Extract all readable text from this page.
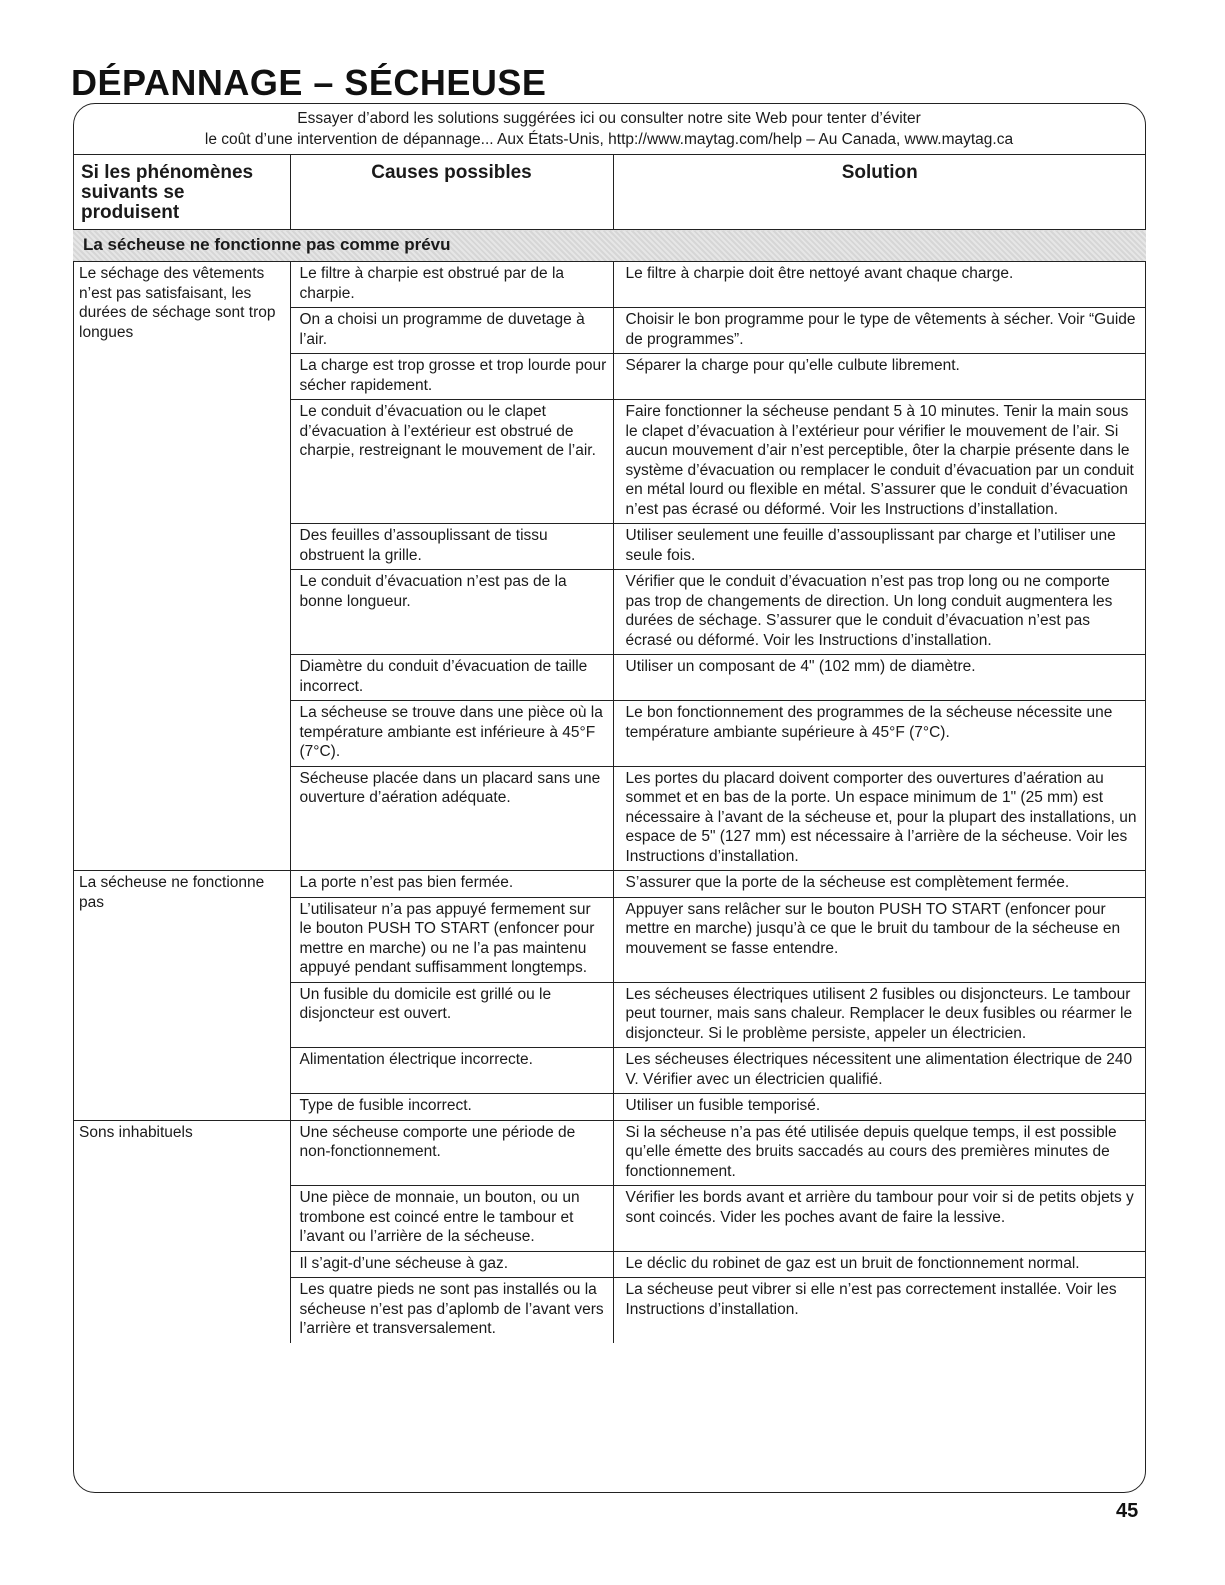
DÉPANNAGE – SÉCHEUSE
Essayer d’abord les solutions suggérées ici ou consulter notre site Web pour tenter d’éviter
le coût d’une intervention de dépannage... Aux États-Unis, http://www.maytag.com/help – Au Canada, www.maytag.ca
Si les phénomènes suivants se produisent	Causes possibles	Solution
La sécheuse ne fonctionne pas comme prévu		
Le séchage des vêtements n’est pas satisfaisant, les durées de séchage sont trop longues	Le filtre à charpie est obstrué par de la charpie.	Le filtre à charpie doit être nettoyé avant chaque charge.
	On a choisi un programme de duvetage à l’air.	Choisir le bon programme pour le type de vêtements à sécher. Voir “Guide de programmes”.
	La charge est trop grosse et trop lourde pour sécher rapidement.	Séparer la charge pour qu’elle culbute librement.
	Le conduit d’évacuation ou le clapet d’évacuation à l’extérieur est obstrué de charpie, restreignant le mouvement de l’air.	Faire fonctionner la sécheuse pendant 5 à 10 minutes. Tenir la main sous le clapet d’évacuation à l’extérieur pour vérifier le mouvement de l’air. Si aucun mouvement d’air n’est perceptible, ôter la charpie présente dans le système d’évacuation ou remplacer le conduit d’évacuation par un conduit en métal lourd ou flexible en métal. S’assurer que le conduit d’évacuation n’est pas écrasé ou déformé. Voir les Instructions d’installation.
	Des feuilles d’assouplissant de tissu obstruent la grille.	Utiliser seulement une feuille d’assouplissant par charge et l’utiliser une seule fois.
	Le conduit d’évacuation n’est pas de la bonne longueur.	Vérifier que le conduit d’évacuation n’est pas trop long ou ne comporte pas trop de changements de direction. Un long conduit augmentera les durées de séchage. S’assurer que le conduit d’évacuation n’est pas écrasé ou déformé. Voir les Instructions d’installation.
	Diamètre du conduit d’évacuation de taille incorrect.	Utiliser un composant de 4" (102 mm) de diamètre.
	La sécheuse se trouve dans une pièce où la température ambiante est inférieure à 45°F (7°C).	Le bon fonctionnement des programmes de la sécheuse nécessite une température ambiante supérieure à 45°F (7°C).
	Sécheuse placée dans un placard sans une ouverture d’aération adéquate.	Les portes du placard doivent comporter des ouvertures d’aération au sommet et en bas de la porte. Un espace minimum de 1" (25 mm) est nécessaire à l’avant de la sécheuse et, pour la plupart des installations, un espace de 5" (127 mm) est nécessaire à l’arrière de la sécheuse. Voir les Instructions d’installation.
La sécheuse ne fonctionne pas	La porte n’est pas bien fermée.	S’assurer que la porte de la sécheuse est complètement fermée.
	L’utilisateur n’a pas appuyé fermement sur le bouton PUSH TO START (enfoncer pour mettre en marche) ou ne l’a pas maintenu appuyé pendant suffisamment longtemps.	Appuyer sans relâcher sur le bouton PUSH TO START (enfoncer pour mettre en marche) jusqu’à ce que le bruit du tambour de la sécheuse en mouvement se fasse entendre.
	Un fusible du domicile est grillé ou le disjoncteur est ouvert.	Les sécheuses électriques utilisent 2 fusibles ou disjoncteurs. Le tambour peut tourner, mais sans chaleur. Remplacer le deux fusibles ou réarmer le disjoncteur. Si le problème persiste, appeler un électricien.
	Alimentation électrique incorrecte.	Les sécheuses électriques nécessitent une alimentation électrique de 240 V. Vérifier avec un électricien qualifié.
	Type de fusible incorrect.	Utiliser un fusible temporisé.
Sons inhabituels	Une sécheuse comporte une période de non-fonctionnement.	Si la sécheuse n’a pas été utilisée depuis quelque temps, il est possible qu’elle émette des bruits saccadés au cours des premières minutes de fonctionnement.
	Une pièce de monnaie, un bouton, ou un trombone est coincé entre le tambour et l’avant ou l’arrière de la sécheuse.	Vérifier les bords avant et arrière du tambour pour voir si de petits objets y sont coincés. Vider les poches avant de faire la lessive.
	Il s’agit-d’une sécheuse à gaz.	Le déclic du robinet de gaz est un bruit de fonctionnement normal.
	Les quatre pieds ne sont pas installés ou la sécheuse n’est pas d’aplomb de l’avant vers l’arrière et transversalement.	La sécheuse peut vibrer si elle n’est pas correctement installée. Voir les Instructions d’installation.
45
